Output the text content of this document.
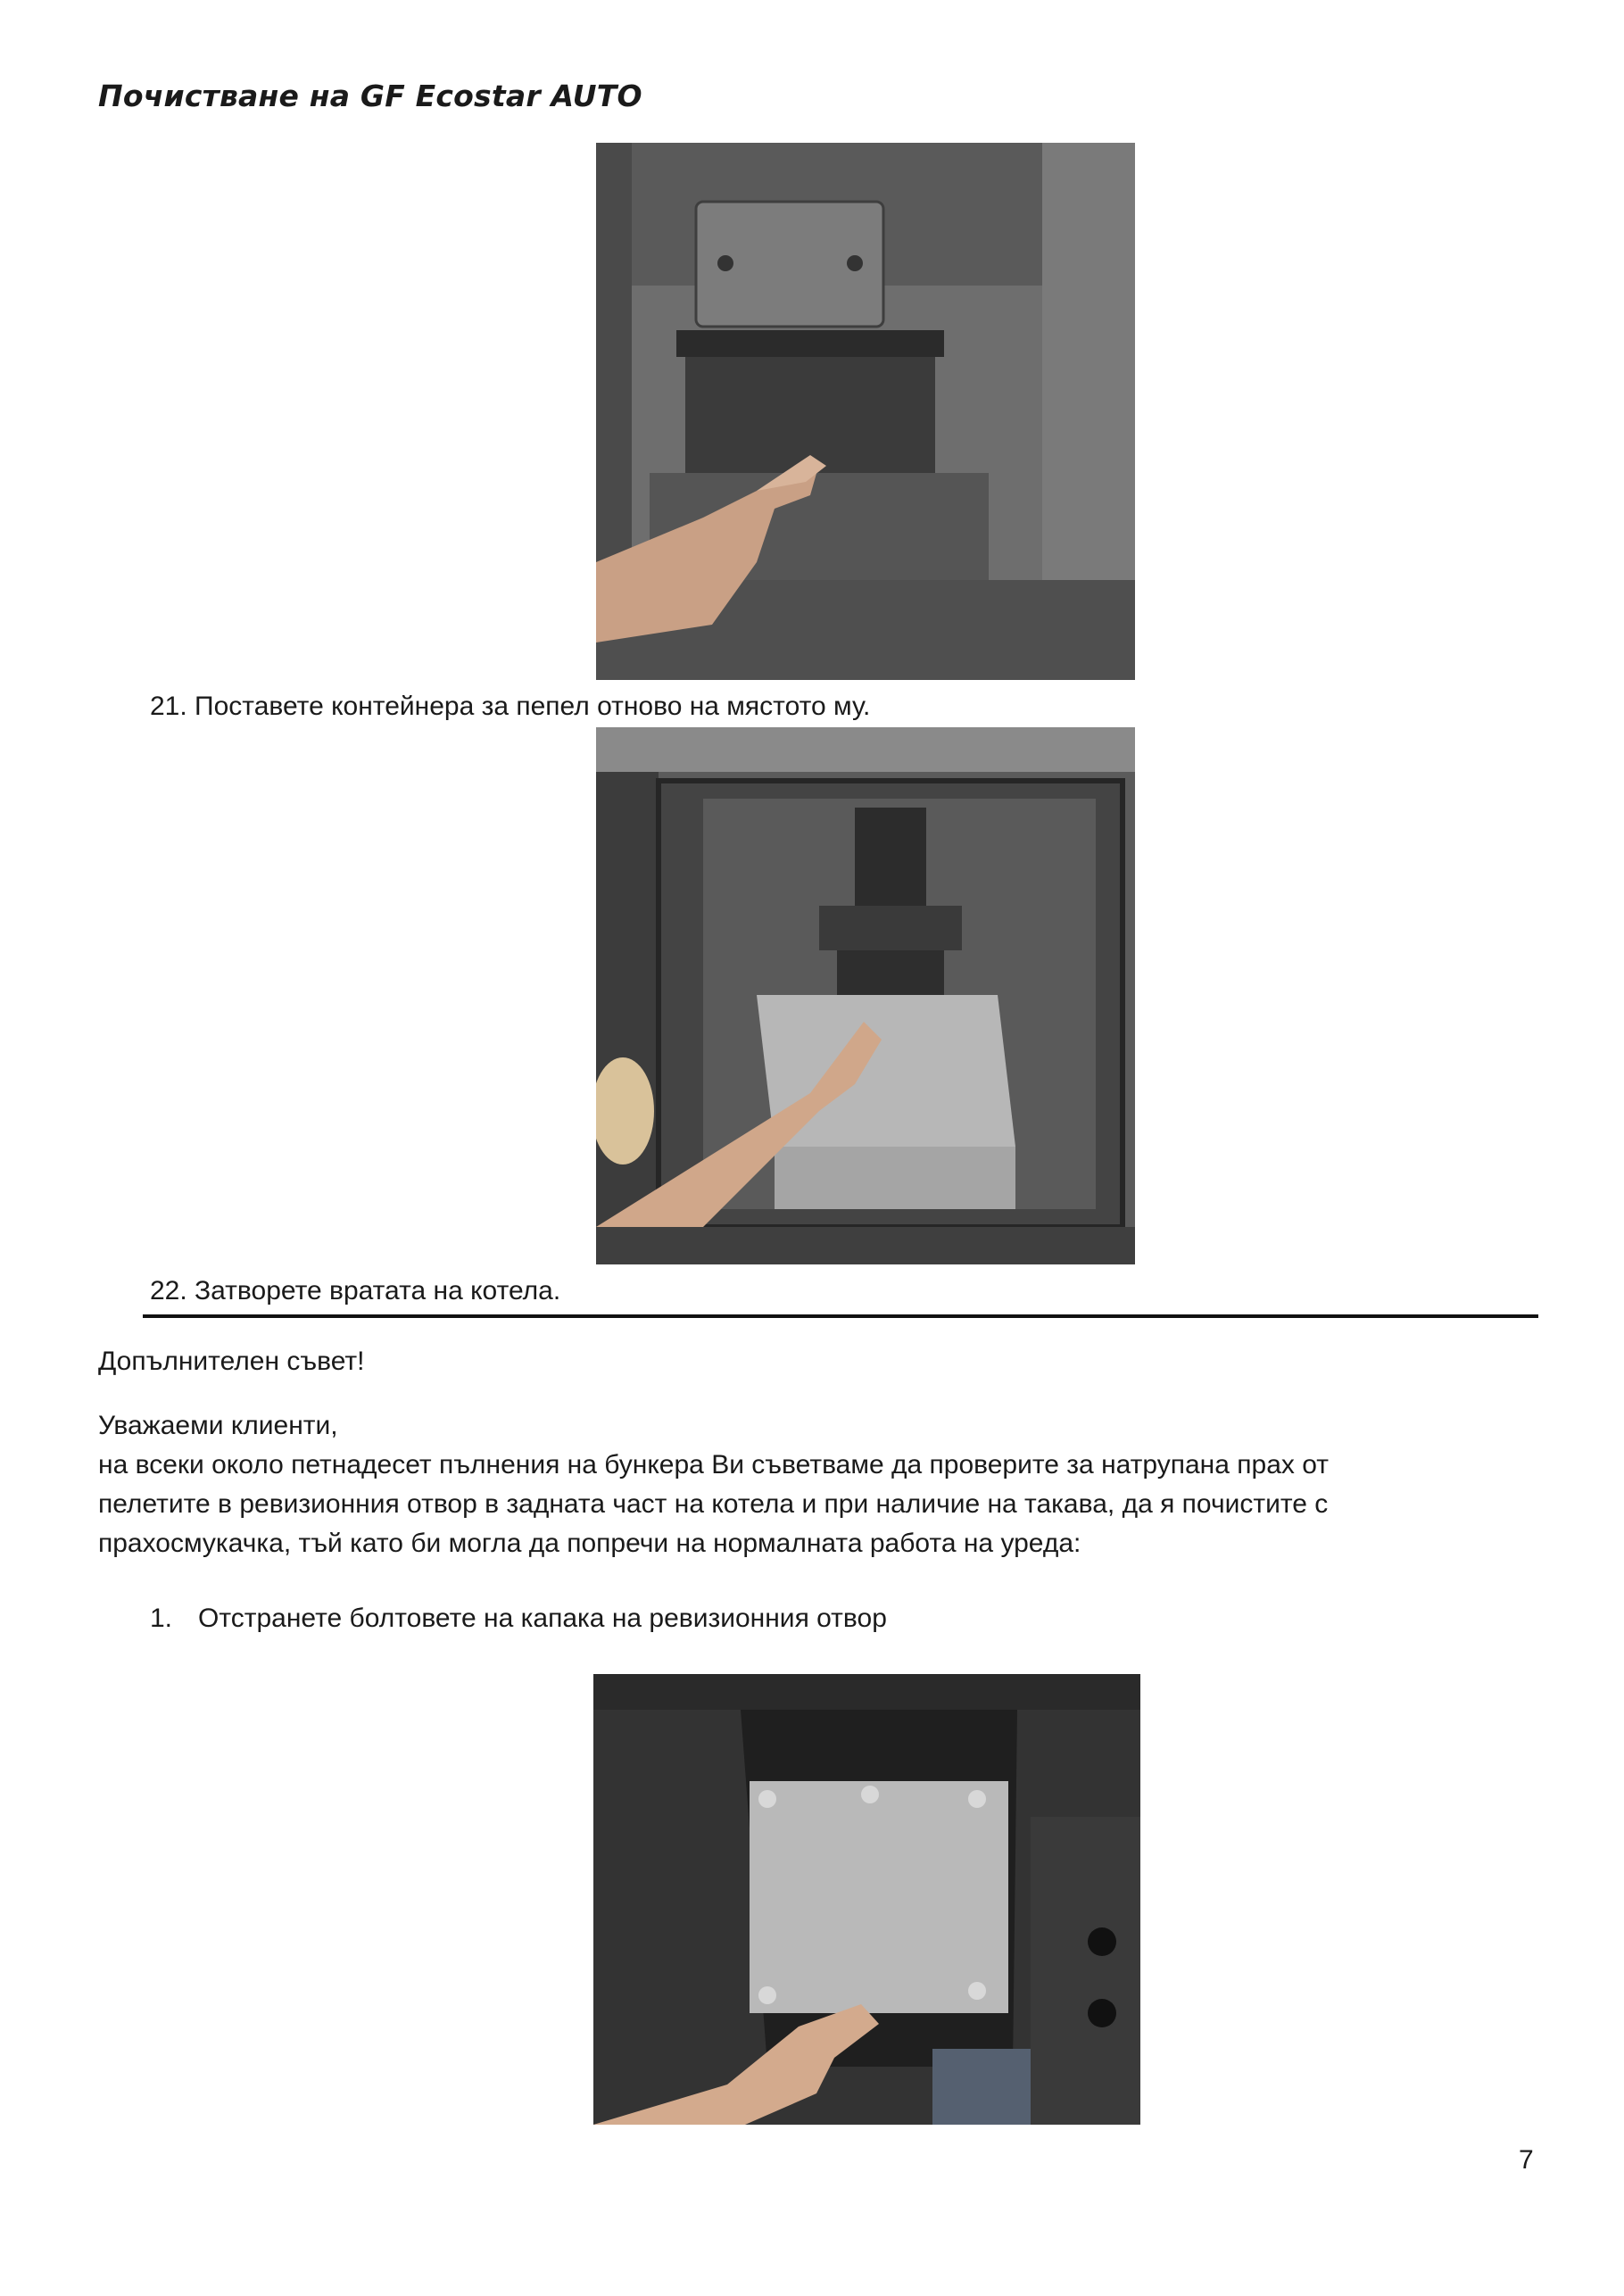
Почистване на GF Ecostar AUTO
21. Поставете контейнера за пепел отново на мястото му.
22. Затворете вратата на котела.
Допълнителен съвет!
Уважаеми клиенти,
на всеки около петнадесет пълнения на бункера Ви съветваме да проверите за натрупана прах от
пелетите в ревизионния отвор в задната част на котела и при наличие на такава, да я почистите с
прахосмукачка, тъй като би могла да попречи на нормалната работа на уреда:
1. Отстранете болтовете на капака на ревизионния отвор
7
